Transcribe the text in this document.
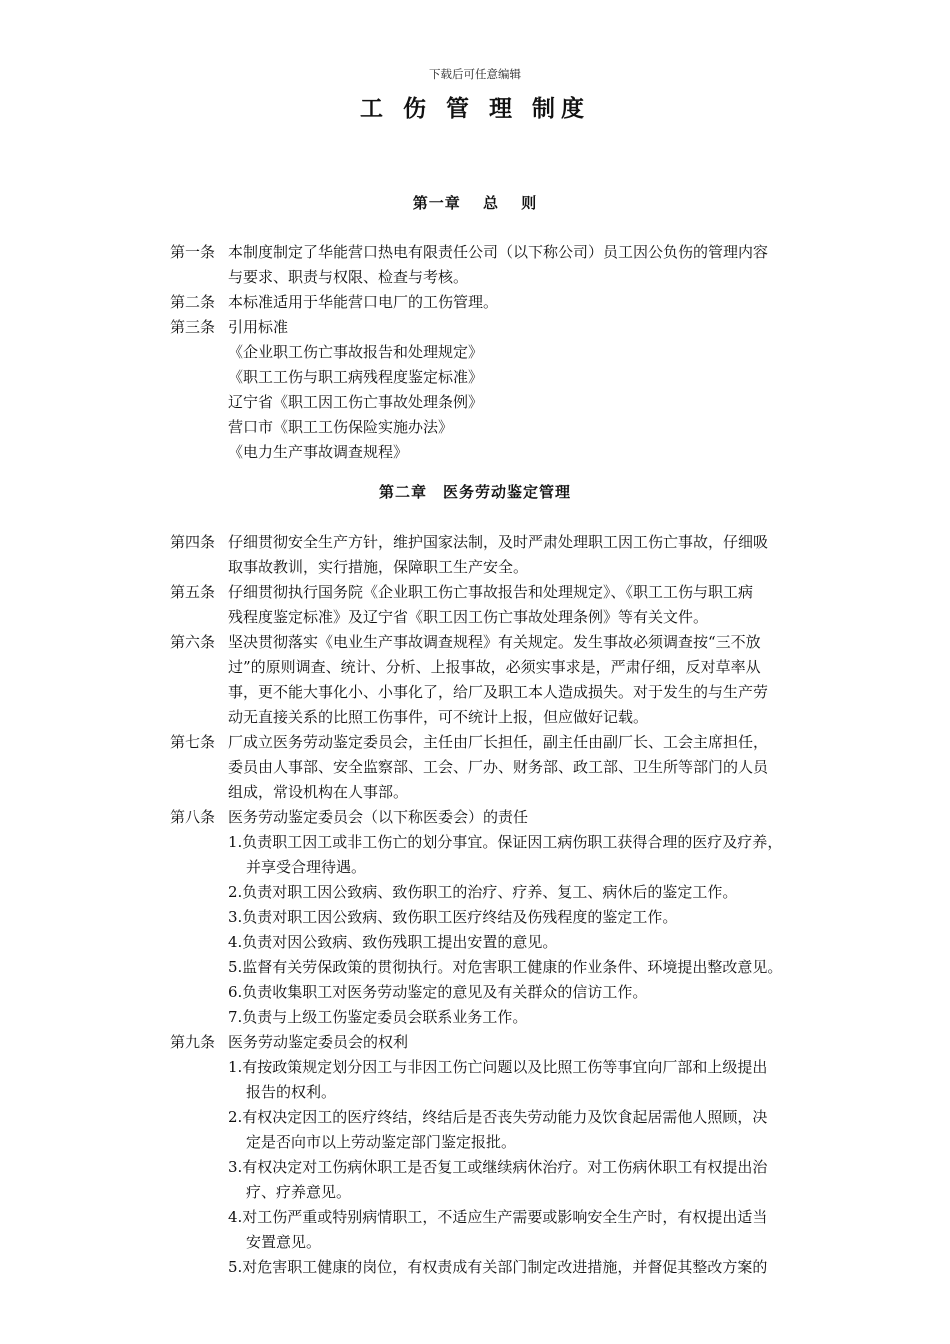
下载后可任意编辑
工 伤 管 理 制度
第一章　 总　 则
第一条 本制度制定了华能营口热电有限责任公司（以下称公司）员工因公负伤的管理内容
与要求、职责与权限、检查与考核。
第二条 本标准适用于华能营口电厂的工伤管理。
第三条 引用标准
《企业职工伤亡事故报告和处理规定》
《职工工伤与职工病残程度鉴定标准》
辽宁省《职工因工伤亡事故处理条例》
营口市《职工工伤保险实施办法》
《电力生产事故调查规程》
第二章　医务劳动鉴定管理
第四条 仔细贯彻安全生产方针，维护国家法制，及时严肃处理职工因工伤亡事故，仔细吸
取事故教训，实行措施，保障职工生产安全。
第五条 仔细贯彻执行国务院《企业职工伤亡事故报告和处理规定》、《职工工伤与职工病
残程度鉴定标准》及辽宁省《职工因工伤亡事故处理条例》等有关文件。
第六条 坚决贯彻落实《电业生产事故调查规程》有关规定。发生事故必须调查按“三不放
过”的原则调查、统计、分析、上报事故，必须实事求是，严肃仔细，反对草率从
事，更不能大事化小、小事化了，给厂及职工本人造成损失。对于发生的与生产劳
动无直接关系的比照工伤事件，可不统计上报，但应做好记载。
第七条 厂成立医务劳动鉴定委员会，主任由厂长担任，副主任由副厂长、工会主席担任，
委员由人事部、安全监察部、工会、厂办、财务部、政工部、卫生所等部门的人员
组成，常设机构在人事部。
第八条 医务劳动鉴定委员会（以下称医委会）的责任
1.负责职工因工或非工伤亡的划分事宜。保证因工病伤职工获得合理的医疗及疗养，
并享受合理待遇。
2.负责对职工因公致病、致伤职工的治疗、疗养、复工、病休后的鉴定工作。
3.负责对职工因公致病、致伤职工医疗终结及伤残程度的鉴定工作。
4.负责对因公致病、致伤残职工提出安置的意见。
5.监督有关劳保政策的贯彻执行。对危害职工健康的作业条件、环境提出整改意见。
6.负责收集职工对医务劳动鉴定的意见及有关群众的信访工作。
7.负责与上级工伤鉴定委员会联系业务工作。
第九条 医务劳动鉴定委员会的权利
1.有按政策规定划分因工与非因工伤亡问题以及比照工伤等事宜向厂部和上级提出
报告的权利。
2.有权决定因工的医疗终结，终结后是否丧失劳动能力及饮食起居需他人照顾，决
定是否向市以上劳动鉴定部门鉴定报批。
3.有权决定对工伤病休职工是否复工或继续病休治疗。对工伤病休职工有权提出治
疗、疗养意见。
4.对工伤严重或特别病情职工，不适应生产需要或影响安全生产时，有权提出适当
安置意见。
5.对危害职工健康的岗位，有权责成有关部门制定改进措施，并督促其整改方案的
